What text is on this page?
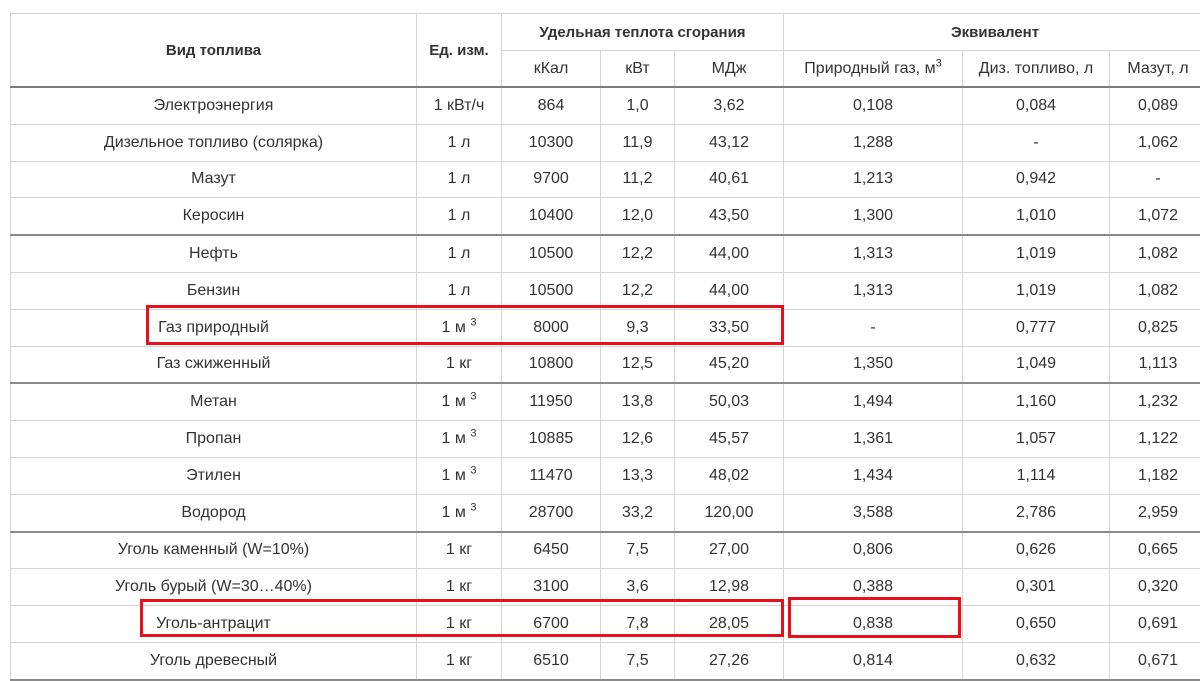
Вид топлива	Ед. изм.	Удельная теплота сгорания			Эквивалент		
		кКал	кВт	МДж	Природный газ, $м^3$	Диз. топливо, л	Мазут, л
Электроэнергия	1 кВт/ч	864	1,0	3,62	0,108	0,084	0,089
Дизельное топливо (солярка)	1 л	10300	11,9	43,12	1,288	-	1,062
Мазут	1 л	9700	11,2	40,61	1,213	0,942	-
Керосин	1 л	10400	12,0	43,50	1,300	1,010	1,072
Нефть	1 л	10500	12,2	44,00	1,313	1,019	1,082
Бензин	1 л	10500	12,2	44,00	1,313	1,019	1,082
Газ природный	1 м $^3$	8000	9,3	33,50	-	0,777	0,825
Газ сжиженный	1 кг	10800	12,5	45,20	1,350	1,049	1,113
Метан	1 м $^3$	11950	13,8	50,03	1,494	1,160	1,232
Пропан	1 м $^3$	10885	12,6	45,57	1,361	1,057	1,122
Этилен	1 м $^3$	11470	13,3	48,02	1,434	1,114	1,182
Водород	1 м $^3$	28700	33,2	120,00	3,588	2,786	2,959
Уголь каменный (W=10%)	1 кг	6450	7,5	27,00	0,806	0,626	0,665
Уголь бурый (W=30…40%)	1 кг	3100	3,6	12,98	0,388	0,301	0,320
Уголь-антрацит	1 кг	6700	7,8	28,05	0,838	0,650	0,691
Уголь древесный	1 кг	6510	7,5	27,26	0,814	0,632	0,671
